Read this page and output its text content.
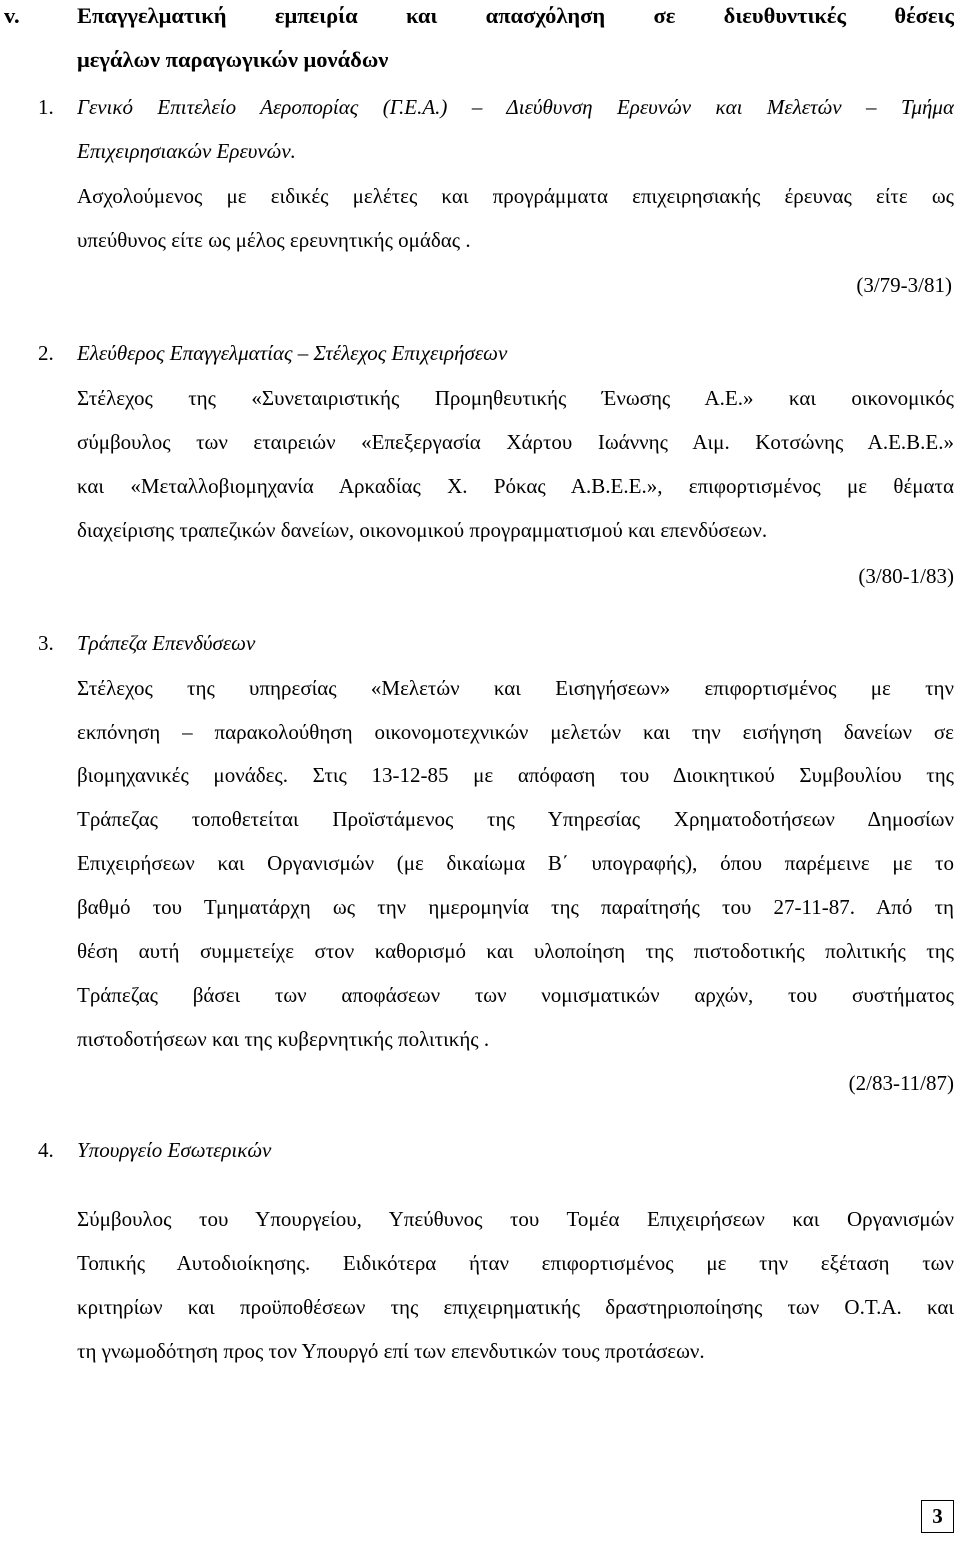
v.	Επαγγελματική εμπειρία και απασχόληση σε διευθυντικές θέσεις
μεγάλων παραγωγικών μονάδων
1. Γενικό Επιτελείο Αεροπορίας (Γ.Ε.Α.) – Διεύθυνση Ερευνών και Μελετών – Τμήμα
Επιχειρησιακών Ερευνών.
Ασχολούμενος με ειδικές μελέτες και προγράμματα επιχειρησιακής έρευνας είτε ως
υπεύθυνος είτε ως μέλος ερευνητικής ομάδας .
(3/79-3/81)
2. Ελεύθερος Επαγγελματίας – Στέλεχος Επιχειρήσεων
Στέλεχος της «Συνεταιριστικής Προμηθευτικής Ένωσης Α.Ε.» και οικονομικός
σύμβουλος των εταιρειών «Επεξεργασία Χάρτου Ιωάννης Αιμ. Κοτσώνης Α.Ε.Β.Ε.»
και «Μεταλλοβιομηχανία Αρκαδίας Χ. Ρόκας Α.Β.Ε.Ε.», επιφορτισμένος με θέματα
διαχείρισης τραπεζικών δανείων, οικονομικού προγραμματισμού και επενδύσεων.
(3/80-1/83)
3. Τράπεζα Επενδύσεων
Στέλεχος της υπηρεσίας «Μελετών και Εισηγήσεων» επιφορτισμένος με την
εκπόνηση – παρακολούθηση οικονομοτεχνικών μελετών και την εισήγηση δανείων σε
βιομηχανικές μονάδες. Στις 13-12-85 με απόφαση του Διοικητικού Συμβουλίου της
Τράπεζας τοποθετείται Προϊστάμενος της Υπηρεσίας Χρηματοδοτήσεων Δημοσίων
Επιχειρήσεων και Οργανισμών (με δικαίωμα Β΄ υπογραφής), όπου παρέμεινε με το
βαθμό του Τμηματάρχη ως την ημερομηνία της παραίτησής του 27-11-87. Από τη
θέση αυτή συμμετείχε στον καθορισμό και υλοποίηση της πιστοδοτικής πολιτικής της
Τράπεζας βάσει των αποφάσεων των νομισματικών αρχών, του συστήματος
πιστοδοτήσεων και της κυβερνητικής πολιτικής .
(2/83-11/87)
4. Υπουργείο Εσωτερικών
Σύμβουλος του Υπουργείου, Υπεύθυνος του Τομέα Επιχειρήσεων και Οργανισμών
Τοπικής Αυτοδιοίκησης. Ειδικότερα ήταν επιφορτισμένος με την εξέταση των
κριτηρίων και προϋποθέσεων της επιχειρηματικής δραστηριοποίησης των Ο.Τ.Α. και
τη γνωμοδότηση προς τον Υπουργό επί των επενδυτικών τους προτάσεων.
3
